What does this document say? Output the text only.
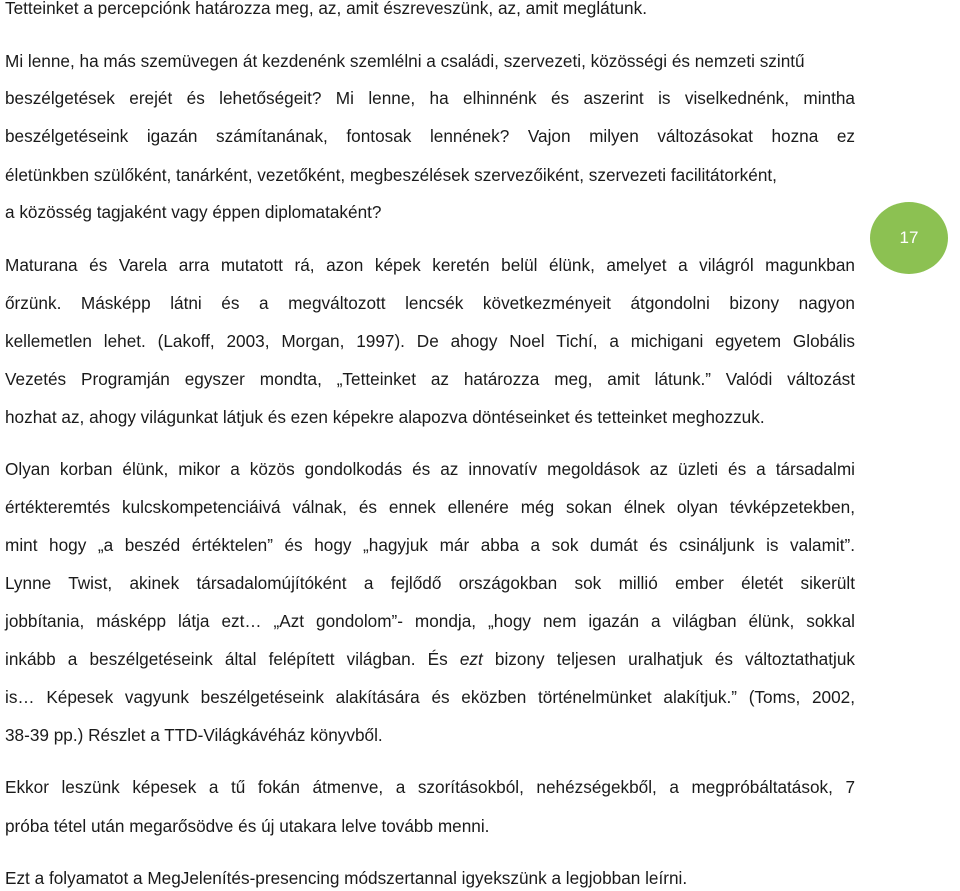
Tetteinket a percepciónk határozza meg, az, amit észreveszünk, az, amit meglátunk.
Mi lenne, ha más szemüvegen át kezdenénk szemlélni a családi, szervezeti, közösségi és nemzeti szintű
beszélgetések erejét és lehetőségeit? Mi lenne, ha elhinnénk és aszerint is viselkednénk, mintha
beszélgetéseink igazán számítanának, fontosak lennének? Vajon milyen változásokat hozna ez
életünkben szülőként, tanárként, vezetőként, megbeszélések szervezőiként, szervezeti facilitátorként,
a közösség tagjaként vagy éppen diplomataként?
Maturana és Varela arra mutatott rá, azon képek keretén belül élünk, amelyet a világról magunkban
őrzünk. Másképp látni és a megváltozott lencsék következményeit átgondolni bizony nagyon
kellemetlen lehet. (Lakoff, 2003, Morgan, 1997). De ahogy Noel Tichí, a michigani egyetem Globális
Vezetés Programján egyszer mondta, „Tetteinket az határozza meg, amit látunk.” Valódi változást
hozhat az, ahogy világunkat látjuk és ezen képekre alapozva döntéseinket és tetteinket meghozzuk.
Olyan korban élünk, mikor a közös gondolkodás és az innovatív megoldások az üzleti és a társadalmi
értékteremtés kulcskompetenciáivá válnak, és ennek ellenére még sokan élnek olyan tévképzetekben,
mint hogy „a beszéd értéktelen” és hogy „hagyjuk már abba a sok dumát és csináljunk is valamit”.
Lynne Twist, akinek társadalomújítóként a fejlődő országokban sok millió ember életét sikerült
jobbítania, másképp látja ezt… „Azt gondolom”- mondja, „hogy nem igazán a világban élünk, sokkal
inkább a beszélgetéseink által felépített világban. És ezt bizony teljesen uralhatjuk és változtathatjuk
is… Képesek vagyunk beszélgetéseink alakítására és eközben történelmünket alakítjuk.” (Toms, 2002,
38-39 pp.) Részlet a TTD-Világkávéház könyvből.
Ekkor leszünk képesek a tű fokán átmenve, a szorításokból, nehézségekből, a megpróbáltatások, 7
próba tétel után megarősödve és új utakara lelve tovább menni.
Ezt a folyamatot a MegJelenítés-presencing módszertannal igyekszünk a legjobban leírni.
17
